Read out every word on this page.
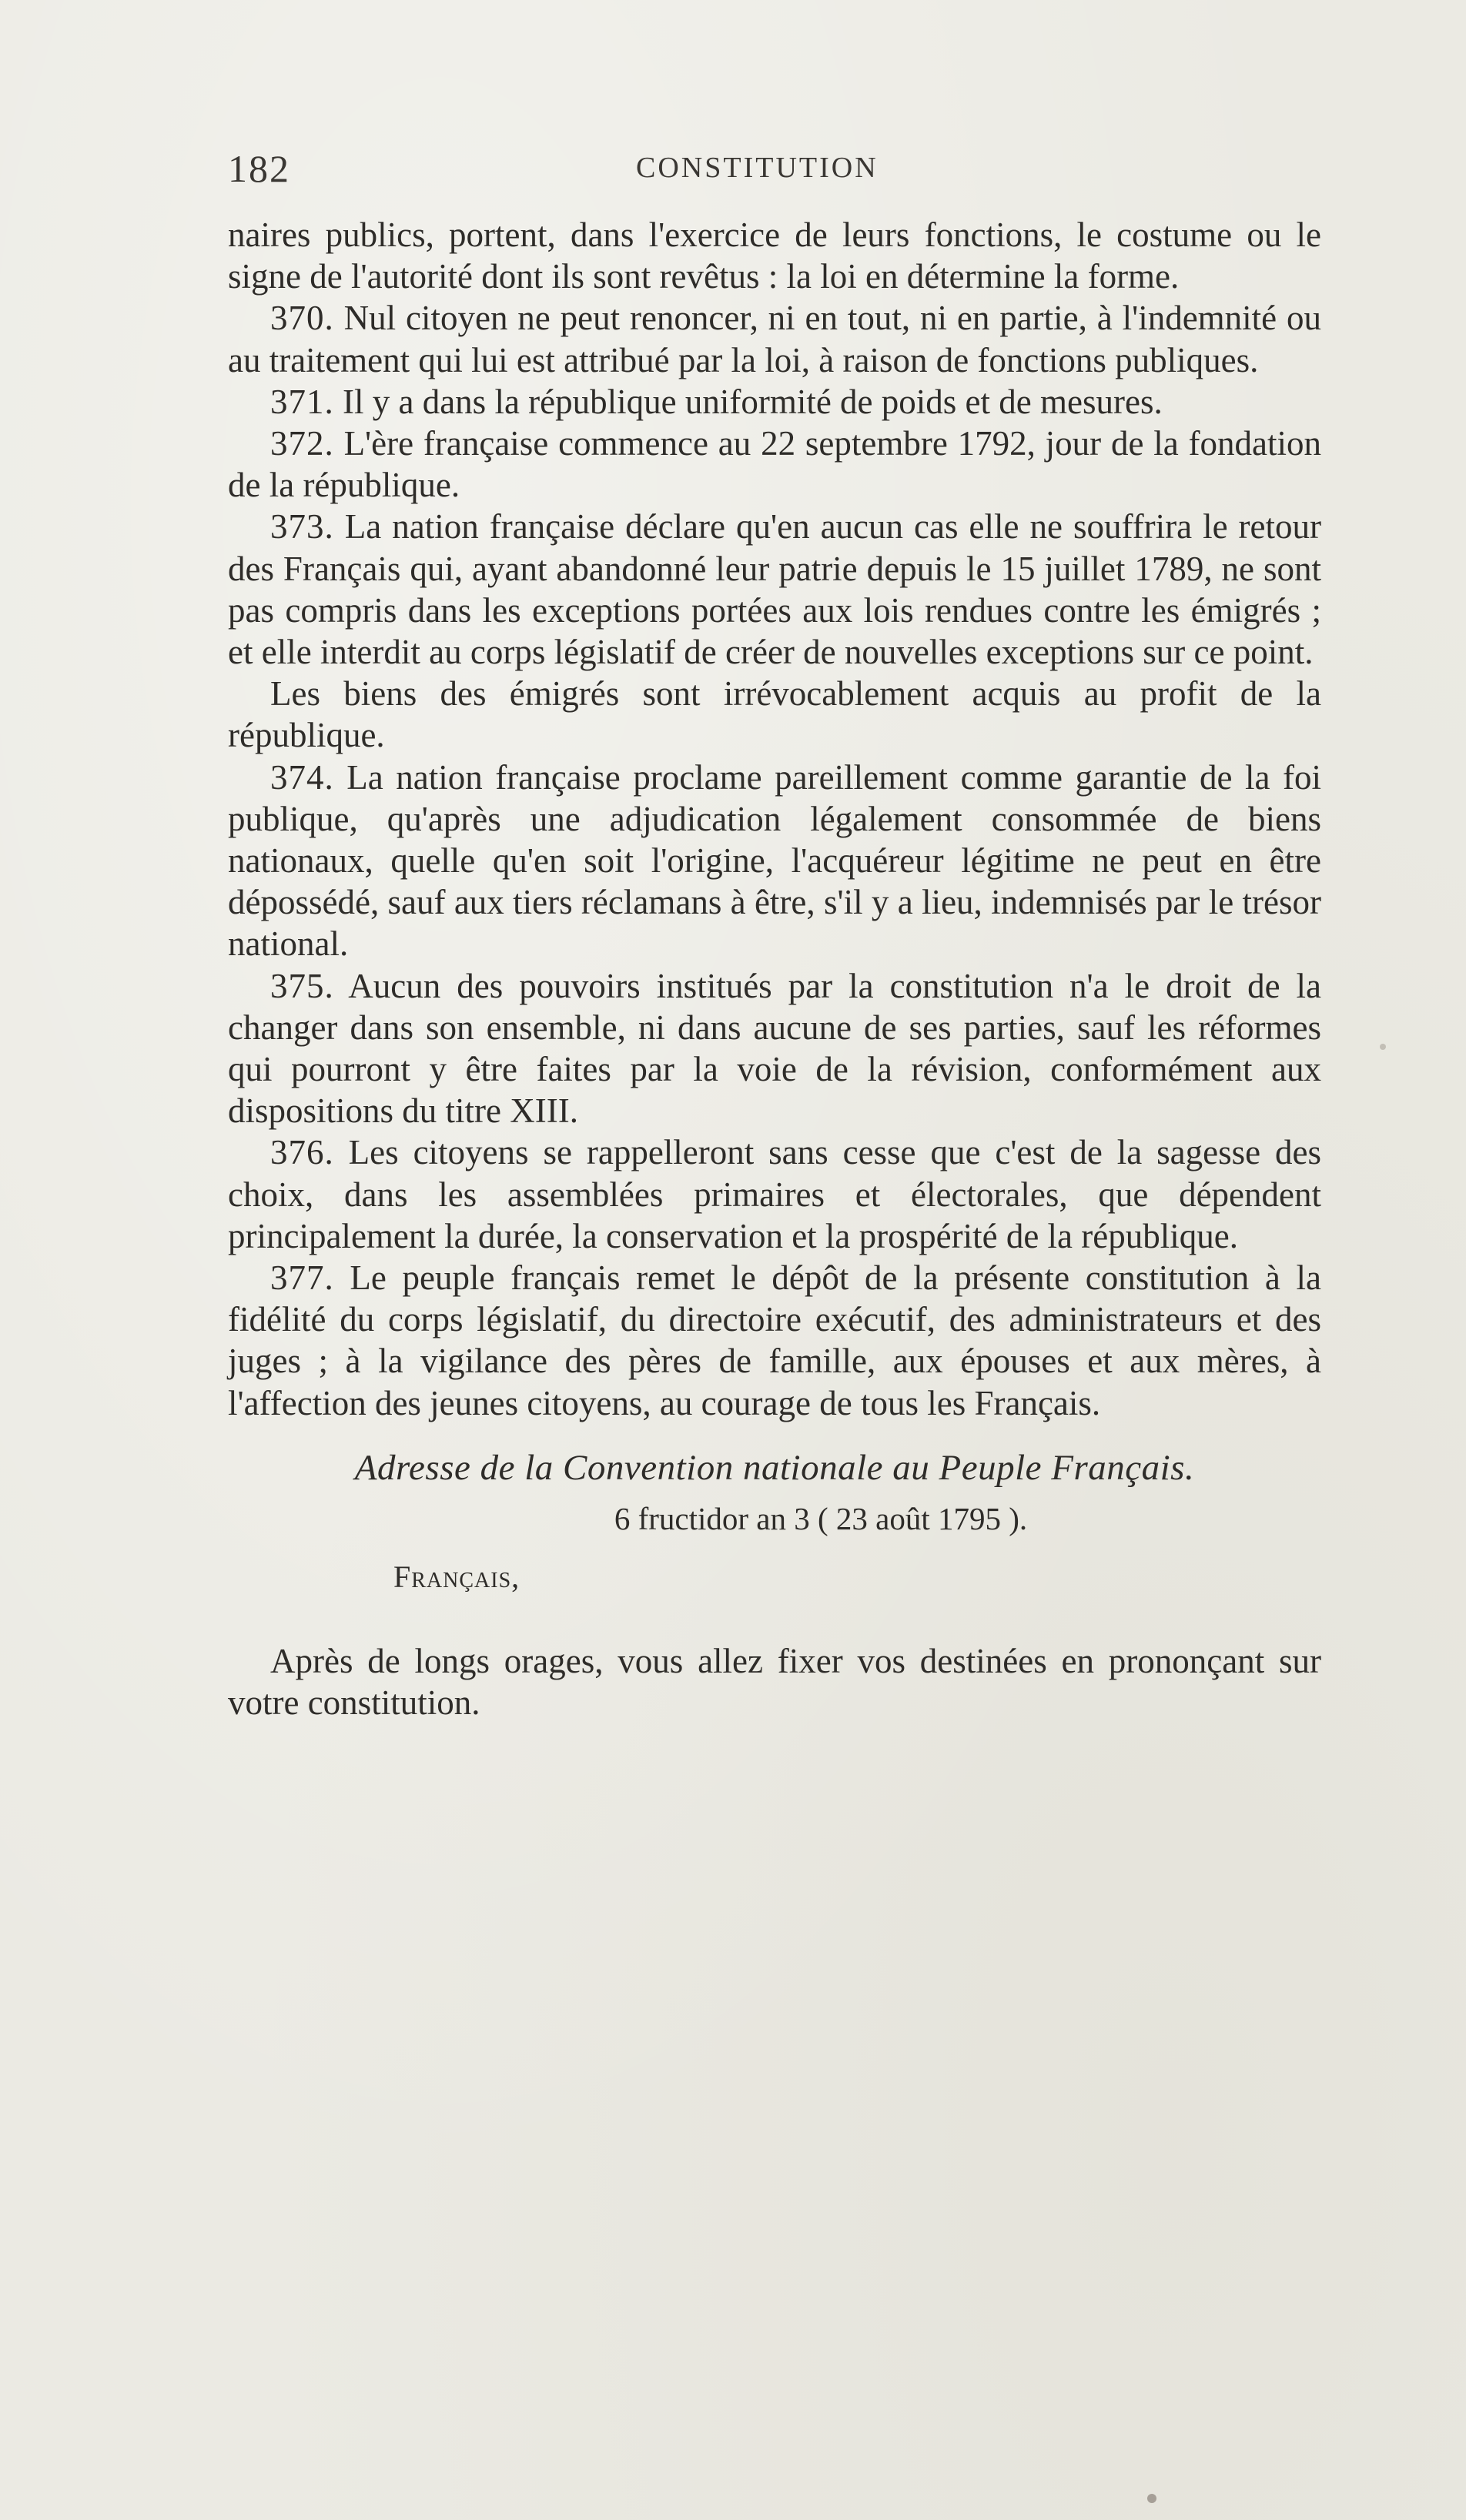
182	CONSTITUTION

naires publics, portent, dans l'exercice de leurs fonctions, le costume ou le signe de l'autorité dont ils sont revêtus : la loi en détermine la forme.

370. Nul citoyen ne peut renoncer, ni en tout, ni en partie, à l'indemnité ou au traitement qui lui est attribué par la loi, à raison de fonctions publiques.

371. Il y a dans la république uniformité de poids et de mesures.

372. L'ère française commence au 22 septembre 1792, jour de la fondation de la république.

373. La nation française déclare qu'en aucun cas elle ne souffrira le retour des Français qui, ayant abandonné leur patrie depuis le 15 juillet 1789, ne sont pas compris dans les exceptions portées aux lois rendues contre les émigrés ; et elle interdit au corps législatif de créer de nouvelles exceptions sur ce point.

Les biens des émigrés sont irrévocablement acquis au profit de la république.

374. La nation française proclame pareillement comme garantie de la foi publique, qu'après une adjudication légalement consommée de biens nationaux, quelle qu'en soit l'origine, l'acquéreur légitime ne peut en être dépossédé, sauf aux tiers réclamans à être, s'il y a lieu, indemnisés par le trésor national.

375. Aucun des pouvoirs institués par la constitution n'a le droit de la changer dans son ensemble, ni dans aucune de ses parties, sauf les réformes qui pourront y être faites par la voie de la révision, conformément aux dispositions du titre XIII.

376. Les citoyens se rappelleront sans cesse que c'est de la sagesse des choix, dans les assemblées primaires et électorales, que dépendent principalement la durée, la conservation et la prospérité de la république.

377. Le peuple français remet le dépôt de la présente constitution à la fidélité du corps législatif, du directoire exécutif, des administrateurs et des juges ; à la vigilance des pères de famille, aux épouses et aux mères, à l'affection des jeunes citoyens, au courage de tous les Français.

Adresse de la Convention nationale au Peuple Français.

6 fructidor an 3 ( 23 août 1795 ).

Français,

Après de longs orages, vous allez fixer vos destinées en prononçant sur votre constitution.
